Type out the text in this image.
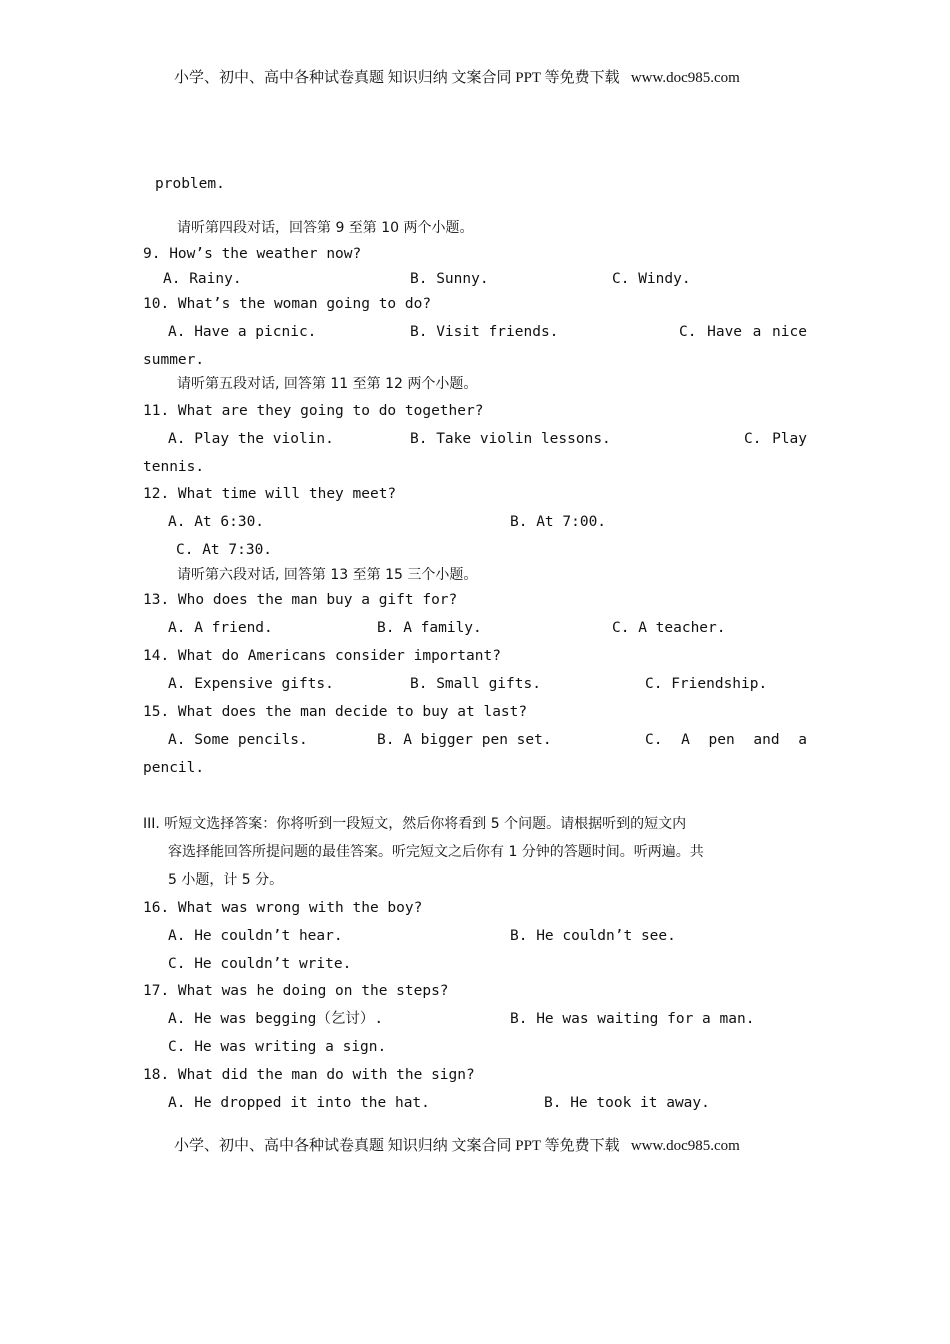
小学、初中、高中各种试卷真题 知识归纳 文案合同 PPT 等免费下载   www.doc985.com
problem.
请听第四段对话，回答第 9 至第 10 两个小题。
9. How’s the weather now?
A. Rainy.	B. Sunny.	C. Windy.
10. What’s the woman going to do?
A. Have a picnic.	B. Visit friends.	C. Have a nice
summer.
请听第五段对话, 回答第 11 至第 12 两个小题。
11. What are they going to do together?
A. Play the violin.	B. Take violin lessons.	C. Play
tennis.
12. What time will they meet?
A. At 6:30.	B. At 7:00.
C. At 7:30.
请听第六段对话, 回答第 13 至第 15 三个小题。
13. Who does the man buy a gift for?
A. A friend.	B. A family.	C. A teacher.
14. What do Americans consider important?
A. Expensive gifts.	B. Small gifts.	C. Friendship.
15. What does the man decide to buy at last?
A. Some pencils.	B. A bigger pen set.	C. A pen and a
pencil.
III. 听短文选择答案：你将听到一段短文，然后你将看到 5 个问题。请根据听到的短文内
容选择能回答所提问题的最佳答案。听完短文之后你有 1 分钟的答题时间。听两遍。共
5 小题，计 5 分。
16. What was wrong with the boy?
A. He couldn’t hear.	B. He couldn’t see.
C. He couldn’t write.
17. What was he doing on the steps?
A. He was begging（乞讨）.	B. He was waiting for a man.
C. He was writing a sign.
18. What did the man do with the sign?
A. He dropped it into the hat.	B. He took it away.
小学、初中、高中各种试卷真题 知识归纳 文案合同 PPT 等免费下载   www.doc985.com
